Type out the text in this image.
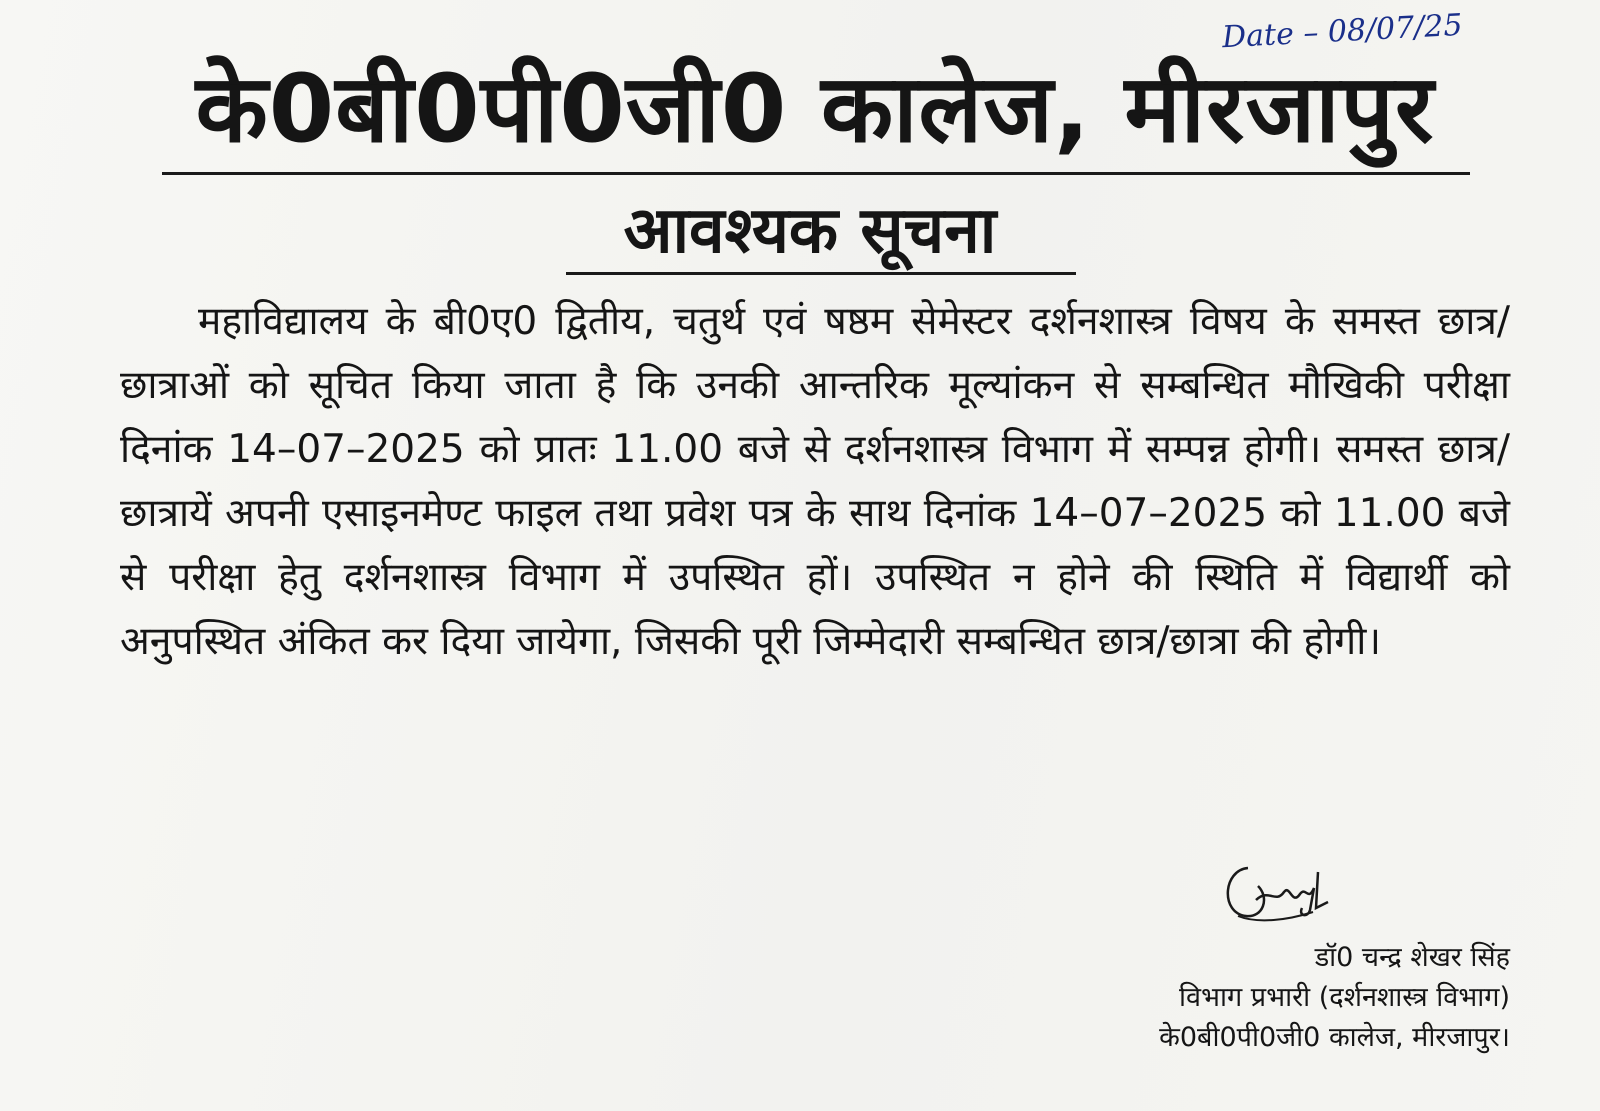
Date – 08/07/25
के0बी0पी0जी0 कालेज, मीरजापुर
आवश्यक सूचना

महाविद्यालय के बी0ए0 द्वितीय, चतुर्थ एवं षष्ठम सेमेस्टर दर्शनशास्त्र विषय के समस्त छात्र/छात्राओं को सूचित किया जाता है कि उनकी आन्तरिक मूल्यांकन से सम्बन्धित मौखिकी परीक्षा दिनांक 14–07–2025 को प्रातः 11.00 बजे से दर्शनशास्त्र विभाग में सम्पन्न होगी। समस्त छात्र/छात्रायें अपनी एसाइनमेण्ट फाइल तथा प्रवेश पत्र के साथ दिनांक 14–07–2025 को 11.00 बजे से परीक्षा हेतु दर्शनशास्त्र विभाग में उपस्थित हों। उपस्थित न होने की स्थिति में विद्यार्थी को अनुपस्थित अंकित कर दिया जायेगा, जिसकी पूरी जिम्मेदारी सम्बन्धित छात्र/छात्रा की होगी।

डॉ0 चन्द्र शेखर सिंह
विभाग प्रभारी (दर्शनशास्त्र विभाग)
के0बी0पी0जी0 कालेज, मीरजापुर।
